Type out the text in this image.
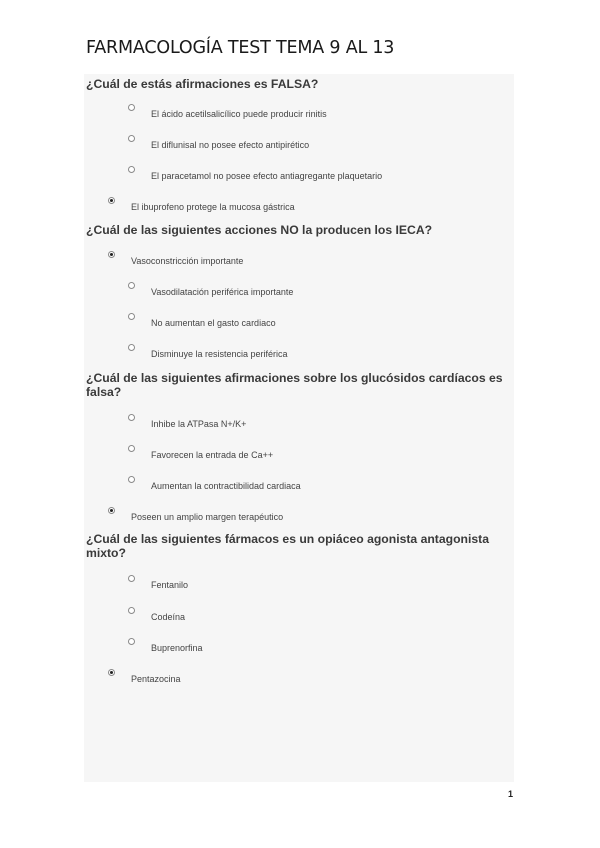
FARMACOLOGÍA TEST TEMA 9 AL 13
¿Cuál de estás afirmaciones es FALSA?
El ácido acetilsalicílico puede producir rinitis
El diflunisal no posee efecto antipirético
El paracetamol no posee efecto antiagregante plaquetario
El ibuprofeno protege la mucosa gástrica
¿Cuál de las siguientes acciones NO la producen los IECA?
Vasoconstricción importante
Vasodilatación periférica importante
No aumentan el gasto cardiaco
Disminuye la resistencia periférica
¿Cuál de las siguientes afirmaciones sobre los glucósidos cardíacos es falsa?
Inhibe la ATPasa N+/K+
Favorecen la entrada de Ca++
Aumentan la contractibilidad cardiaca
Poseen un amplio margen terapéutico
¿Cuál de las siguientes fármacos es un opiáceo agonista antagonista mixto?
Fentanilo
Codeína
Buprenorfina
Pentazocina
1
